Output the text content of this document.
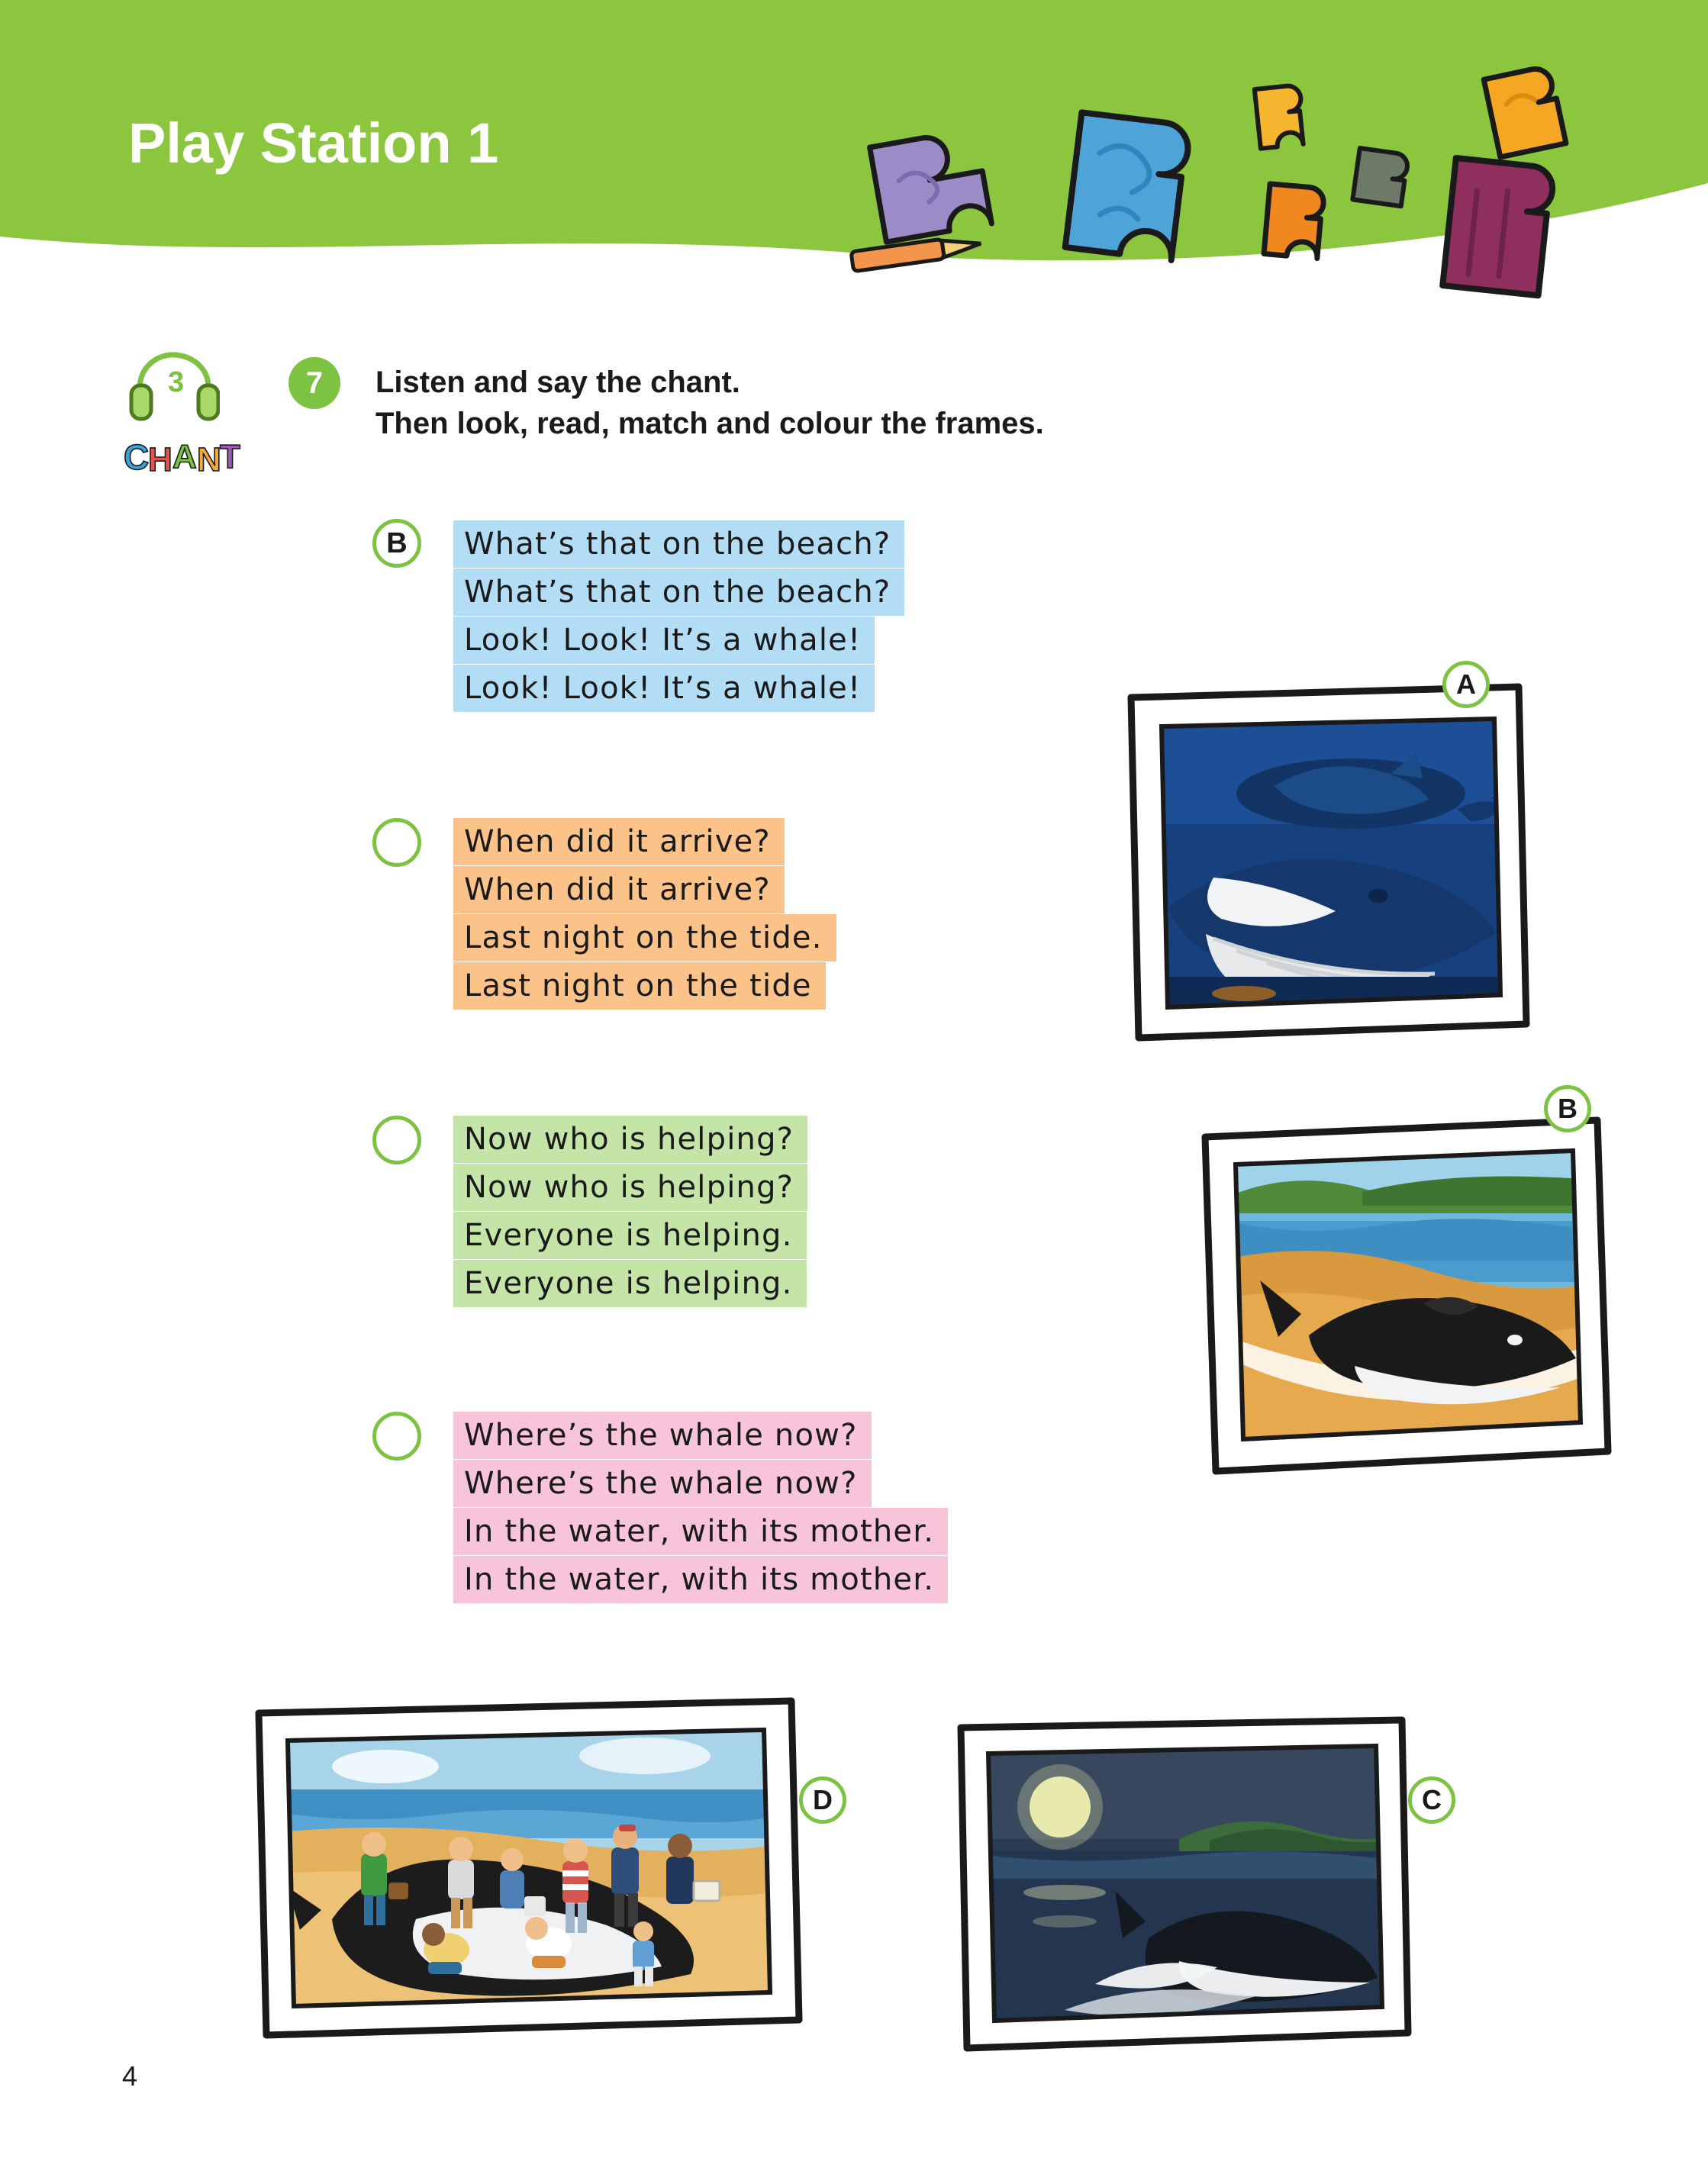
Play Station 1
3
C
H A N
T
7	Listen and say the chant.
Then look, read, match and colour the frames.
B	What’s that on the beach?
What’s that on the beach?
Look! Look! It’s a whale!
Look! Look! It’s a whale!
When did it arrive?
When did it arrive?
Last night on the tide.
Last night on the tide
Now who is helping?
Now who is helping?
Everyone is helping.
Everyone is helping.
Where’s the whale now?
Where’s the whale now?
In the water, with its mother.
In the water, with its mother.
A
B
D	C
4
